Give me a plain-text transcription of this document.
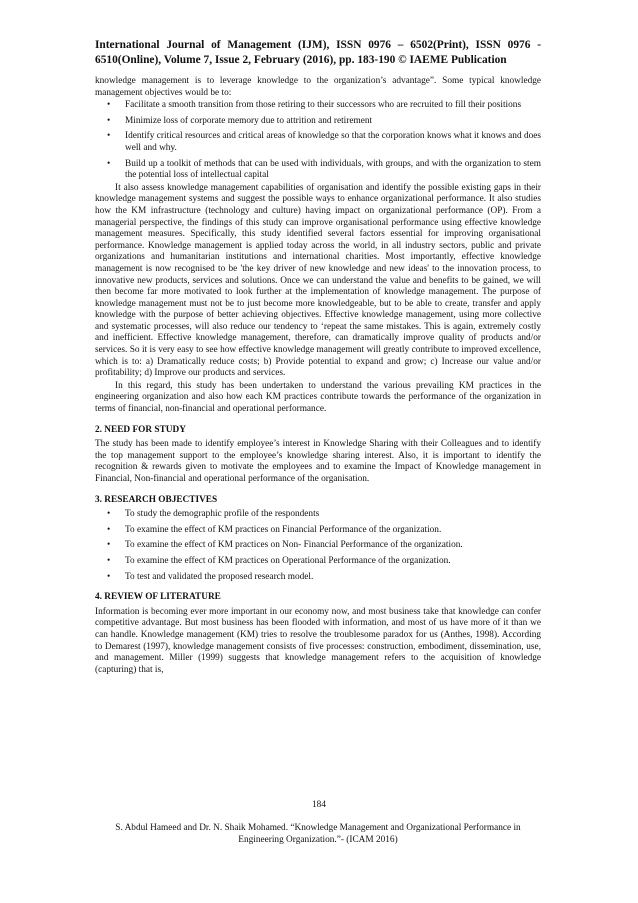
International Journal of Management (IJM), ISSN 0976 – 6502(Print), ISSN 0976 - 6510(Online), Volume 7, Issue 2, February (2016), pp. 183-190 © IAEME Publication

knowledge management is to leverage knowledge to the organization’s advantage”. Some typical knowledge management objectives would be to:

• Facilitate a smooth transition from those retiring to their successors who are recruited to fill their positions
• Minimize loss of corporate memory due to attrition and retirement
• Identify critical resources and critical areas of knowledge so that the corporation knows what it knows and does well and why.
• Build up a toolkit of methods that can be used with individuals, with groups, and with the organization to stem the potential loss of intellectual capital

It also assess knowledge management capabilities of organisation and identify the possible existing gaps in their knowledge management systems and suggest the possible ways to enhance organizational performance. It also studies how the KM infrastructure (technology and culture) having impact on organizational performance (OP). From a managerial perspective, the findings of this study can improve organisational performance using effective knowledge management measures. Specifically, this study identified several factors essential for improving organisational performance. Knowledge management is applied today across the world, in all industry sectors, public and private organizations and humanitarian institutions and international charities. Most importantly, effective knowledge management is now recognised to be 'the key driver of new knowledge and new ideas' to the innovation process, to innovative new products, services and solutions. Once we can understand the value and benefits to be gained, we will then become far more motivated to look further at the implementation of knowledge management. The purpose of knowledge management must not be to just become more knowledgeable, but to be able to create, transfer and apply knowledge with the purpose of better achieving objectives. Effective knowledge management, using more collective and systematic processes, will also reduce our tendency to ‘repeat the same mistakes. This is again, extremely costly and inefficient. Effective knowledge management, therefore, can dramatically improve quality of products and/or services. So it is very easy to see how effective knowledge management will greatly contribute to improved excellence, which is to: a) Dramatically reduce costs; b) Provide potential to expand and grow; c) Increase our value and/or profitability; d) Improve our products and services.

In this regard, this study has been undertaken to understand the various prevailing KM practices in the engineering organization and also how each KM practices contribute towards the performance of the organization in terms of financial, non-financial and operational performance.

2. NEED FOR STUDY

The study has been made to identify employee’s interest in Knowledge Sharing with their Colleagues and to identify the top management support to the employee’s knowledge sharing interest. Also, it is important to identify the recognition & rewards given to motivate the employees and to examine the Impact of Knowledge management in Financial, Non-financial and operational performance of the organisation.

3. RESEARCH OBJECTIVES
• To study the demographic profile of the respondents
• To examine the effect of KM practices on Financial Performance of the organization.
• To examine the effect of KM practices on Non- Financial Performance of the organization.
• To examine the effect of KM practices on Operational Performance of the organization.
• To test and validated the proposed research model.
4. REVIEW OF LITERATURE

Information is becoming ever more important in our economy now, and most business take that knowledge can confer competitive advantage. But most business has been flooded with information, and most of us have more of it than we can handle. Knowledge management (KM) tries to resolve the troublesome paradox for us (Anthes, 1998). According to Demarest (1997), knowledge management consists of five processes: construction, embodiment, dissemination, use, and management. Miller (1999) suggests that knowledge management refers to the acquisition of knowledge (capturing) that is,

184
S. Abdul Hameed and Dr. N. Shaik Mohamed. “Knowledge Management and Organizational Performance in Engineering Organization.”- (ICAM 2016)
